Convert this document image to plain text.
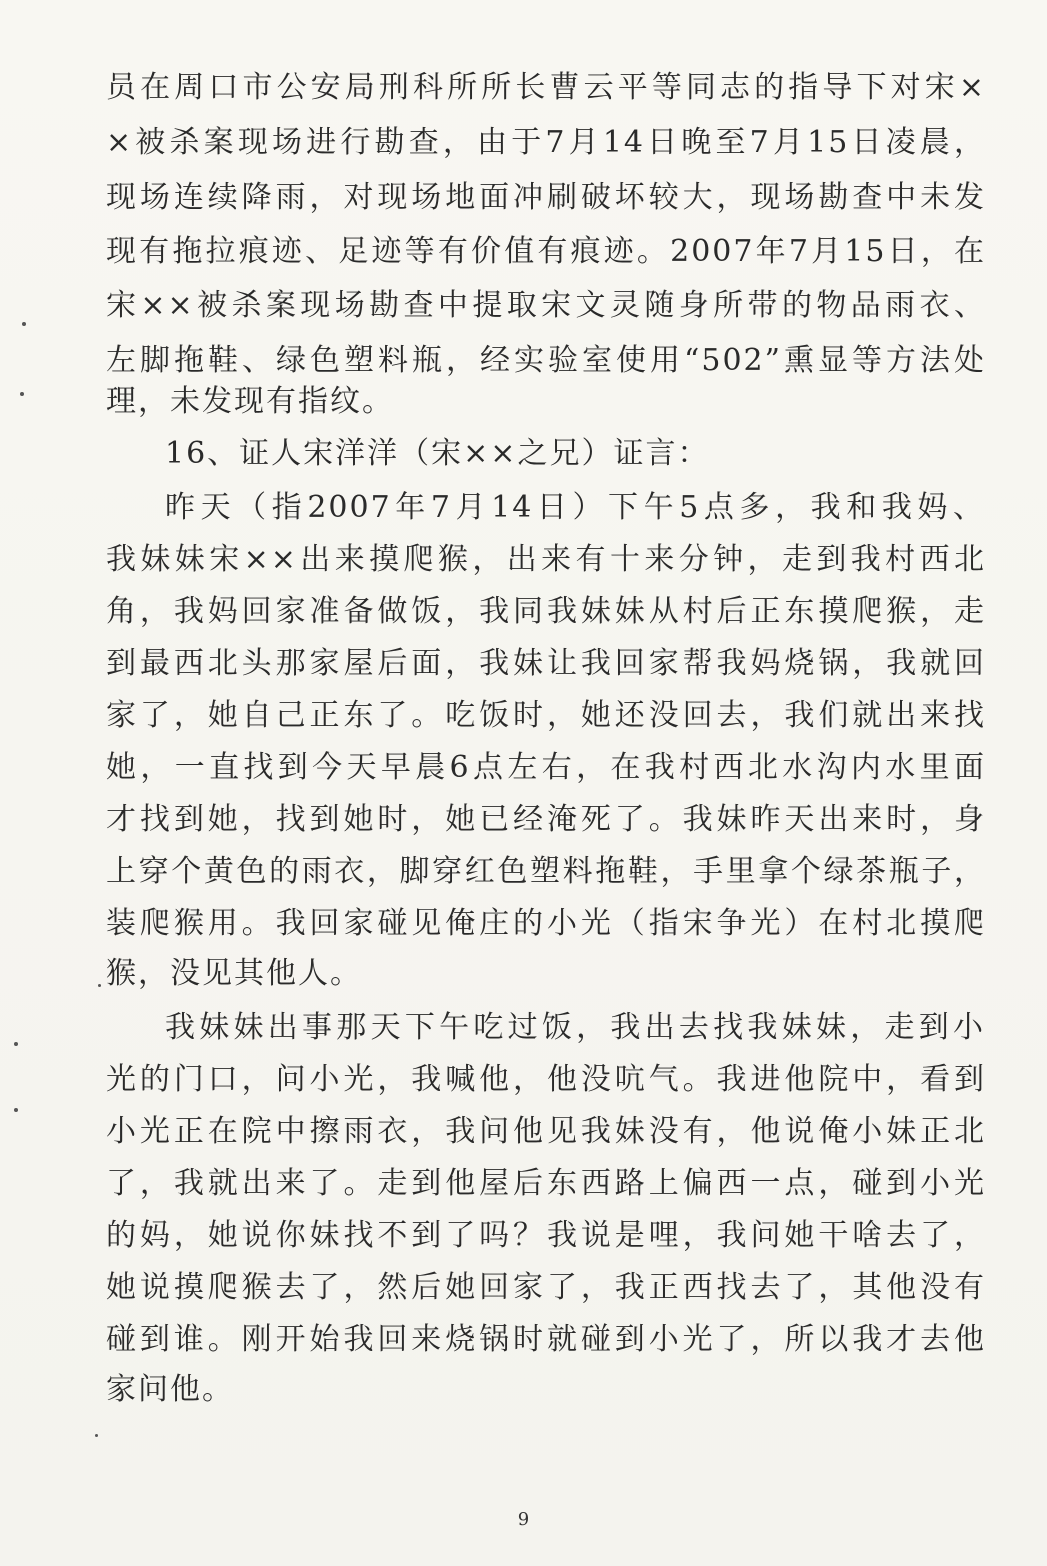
员在周口市公安局刑科所所长曹云平等同志的指导下对宋×
×被杀案现场进行勘查，由于7月14日晚至7月15日凌晨，
现场连续降雨，对现场地面冲刷破坏较大，现场勘查中未发
现有拖拉痕迹、足迹等有价值有痕迹。2007年7月15日，在
宋××被杀案现场勘查中提取宋文灵随身所带的物品雨衣、
左脚拖鞋、绿色塑料瓶，经实验室使用“502”熏显等方法处
理，未发现有指纹。
16、证人宋洋洋（宋××之兄）证言：
昨天（指2007年7月14日）下午5点多，我和我妈、
我妹妹宋××出来摸爬猴，出来有十来分钟，走到我村西北
角，我妈回家准备做饭，我同我妹妹从村后正东摸爬猴，走
到最西北头那家屋后面，我妹让我回家帮我妈烧锅，我就回
家了，她自己正东了。吃饭时，她还没回去，我们就出来找
她，一直找到今天早晨6点左右，在我村西北水沟内水里面
才找到她，找到她时，她已经淹死了。我妹昨天出来时，身
上穿个黄色的雨衣，脚穿红色塑料拖鞋，手里拿个绿茶瓶子，
装爬猴用。我回家碰见俺庄的小光（指宋争光）在村北摸爬
猴，没见其他人。
我妹妹出事那天下午吃过饭，我出去找我妹妹，走到小
光的门口，问小光，我喊他，他没吭气。我进他院中，看到
小光正在院中擦雨衣，我问他见我妹没有，他说俺小妹正北
了，我就出来了。走到他屋后东西路上偏西一点，碰到小光
的妈，她说你妹找不到了吗？我说是哩，我问她干啥去了，
她说摸爬猴去了，然后她回家了，我正西找去了，其他没有
碰到谁。刚开始我回来烧锅时就碰到小光了，所以我才去他
家问他。
9
